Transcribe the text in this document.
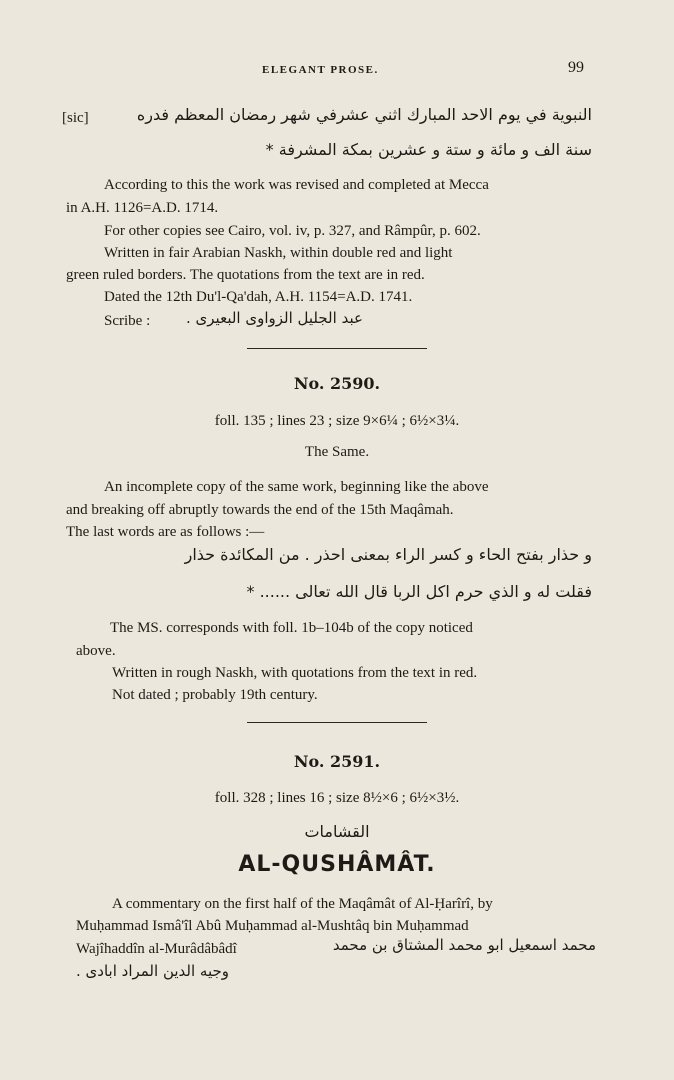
ELEGANT PROSE.	99
النبوية في يوم الاحد المبارك اثني عشرفي شهر رمضان المعظم فدره
[sic]
سنة الف و مائة و ستة و عشرين بمكة المشرفة *
According to this the work was revised and completed at Mecca
in A.H. 1126=A.D. 1714.
For other copies see Cairo, vol. iv, p. 327, and Râmpûr, p. 602.
Written in fair Arabian Naskh, within double red and light
green ruled borders. The quotations from the text are in red.
Dated the 12th Du'l-Qa'dah, A.H. 1154=A.D. 1741.
Scribe : عبد الجليل الزواوى البعيرى .
No. 2590.
foll. 135 ; lines 23 ; size 9×6¼ ; 6½×3¼.
The Same.
An incomplete copy of the same work, beginning like the above
and breaking off abruptly towards the end of the 15th Maqâmah.
The last words are as follows :—
و حذار بفتح الحاء و كسر الراء بمعنى احذر . من المكائدة حذار
فقلت له و الذي حرم اكل الربا قال الله تعالى ...... *
The MS. corresponds with foll. 1b–104b of the copy noticed
above.
Written in rough Naskh, with quotations from the text in red.
Not dated ; probably 19th century.
No. 2591.
foll. 328 ; lines 16 ; size 8½×6 ; 6½×3½.
القشامات
AL-QUSHÂMÂT.
A commentary on the first half of the Maqâmât of Al-Ḥarîrî, by
Muḥammad Ismâ'îl Abû Muḥammad al-Mushtâq bin Muḥammad
Wajîhaddîn al-Murâdâbâdî	محمد اسمعيل ابو محمد المشتاق بن محمد
وجيه الدين المراد ابادى .
